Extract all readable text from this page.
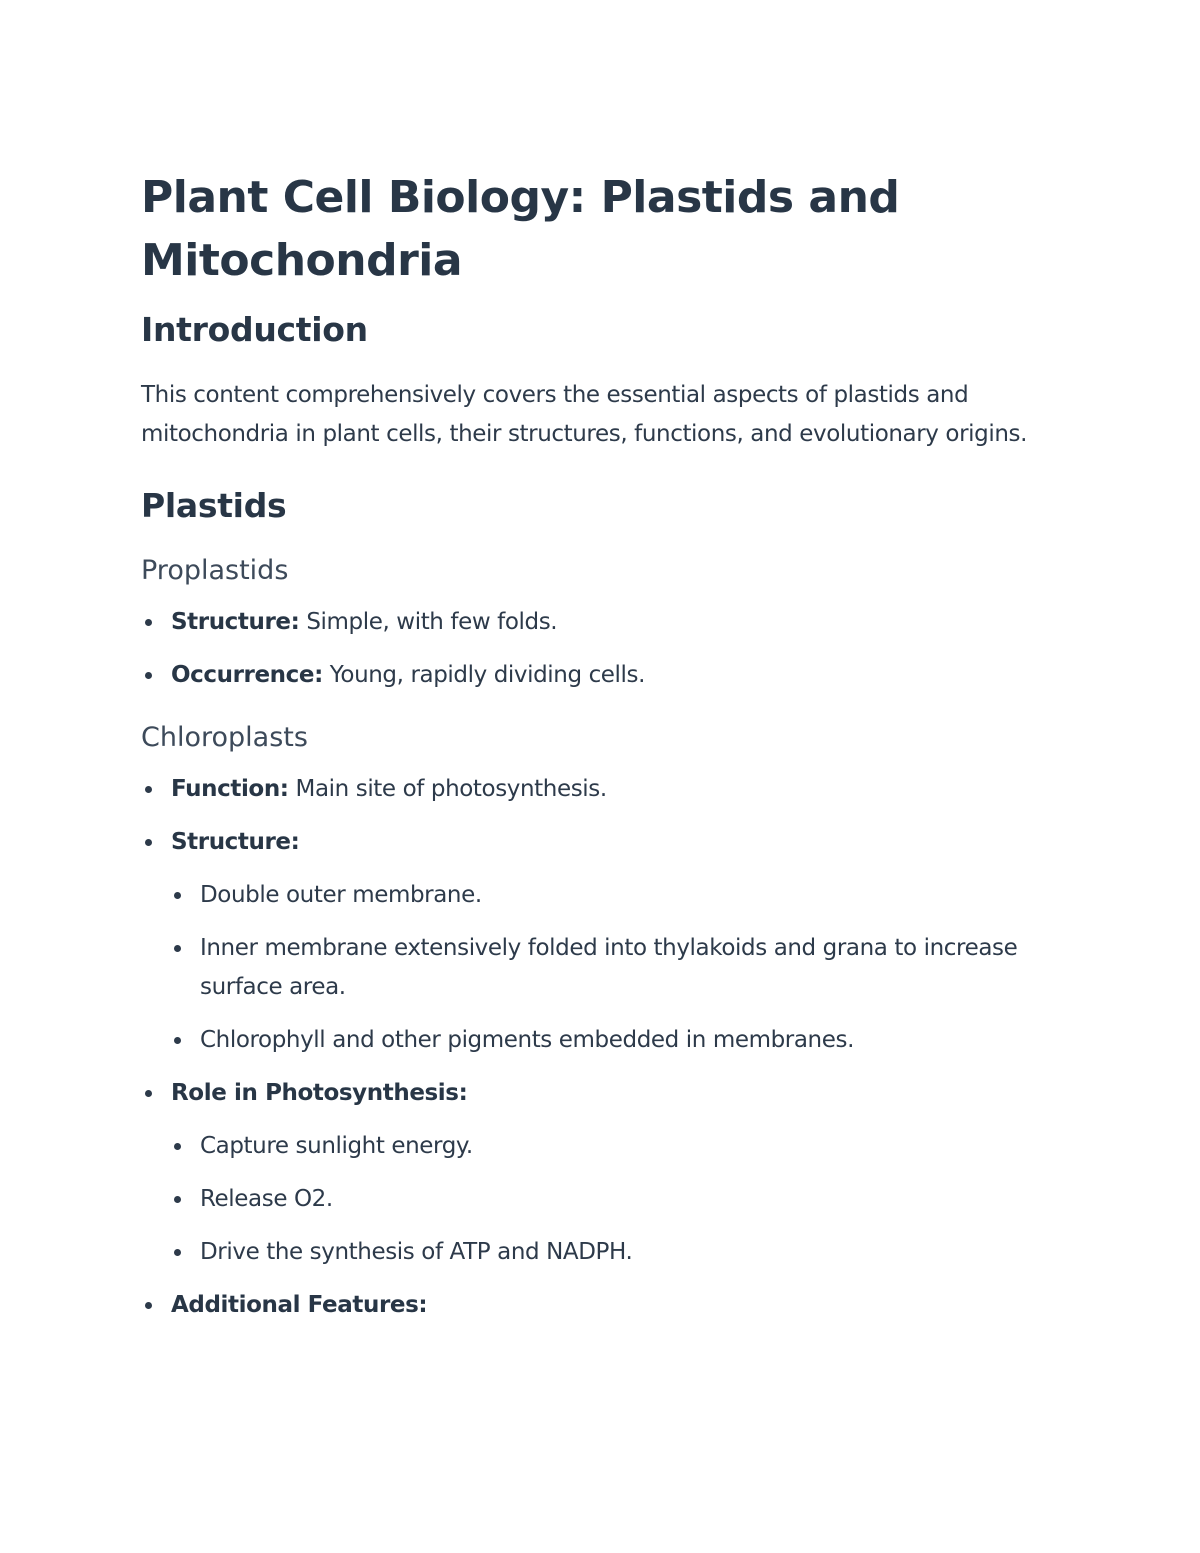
Plant Cell Biology: Plastids and Mitochondria
Introduction

This content comprehensively covers the essential aspects of plastids and mitochondria in plant cells, their structures, functions, and evolutionary origins.

Plastids
Proplastids
Structure: Simple, with few folds.
Occurrence: Young, rapidly dividing cells.
Chloroplasts
Function: Main site of photosynthesis.
Structure:
Double outer membrane.
Inner membrane extensively folded into thylakoids and grana to increase surface area.
Chlorophyll and other pigments embedded in membranes.
Role in Photosynthesis:
Capture sunlight energy.
Release O2.
Drive the synthesis of ATP and NADPH.
Additional Features:
